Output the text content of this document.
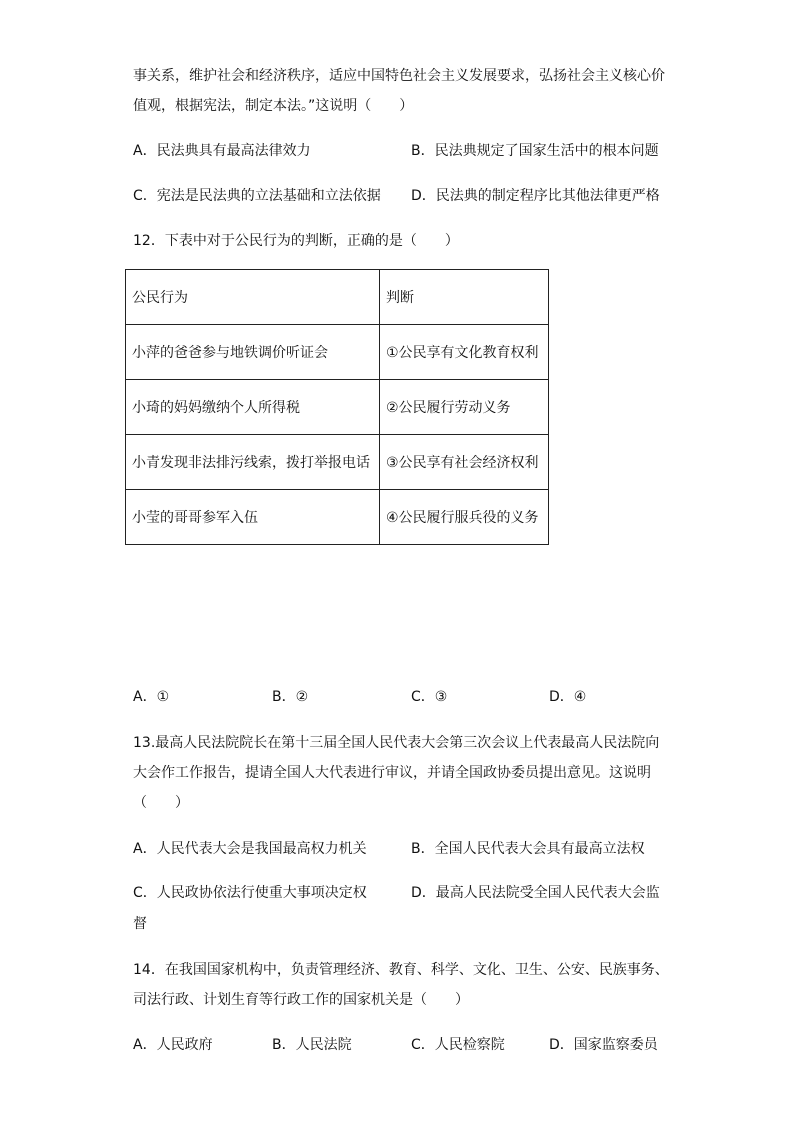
事关系，维护社会和经济秩序，适应中国特色社会主义发展要求，弘扬社会主义核心价
值观，根据宪法，制定本法。”这说明（　　）
A．民法典具有最高法律效力	B．民法典规定了国家生活中的根本问题
C．宪法是民法典的立法基础和立法依据 D．民法典的制定程序比其他法律更严格
12．下表中对于公民行为的判断，正确的是（　　）
公民行为	判断
小萍的爸爸参与地铁调价听证会	①公民享有文化教育权利
小琦的妈妈缴纳个人所得税	②公民履行劳动义务
小青发现非法排污线索，拨打举报电话	③公民享有社会经济权利
小莹的哥哥参军入伍	④公民履行服兵役的义务
A．①	B．②	C．③	D．④
13.最高人民法院院长在第十三届全国人民代表大会第三次会议上代表最高人民法院向
大会作工作报告，提请全国人大代表进行审议，并请全国政协委员提出意见。这说明
（　　）
A．人民代表大会是我国最高权力机关	B．全国人民代表大会具有最高立法权
C．人民政协依法行使重大事项决定权	D．最高人民法院受全国人民代表大会监
督
14．在我国国家机构中，负责管理经济、教育、科学、文化、卫生、公安、民族事务、
司法行政、计划生育等行政工作的国家机关是（　　）
A．人民政府	B．人民法院	C．人民检察院	D．国家监察委员
